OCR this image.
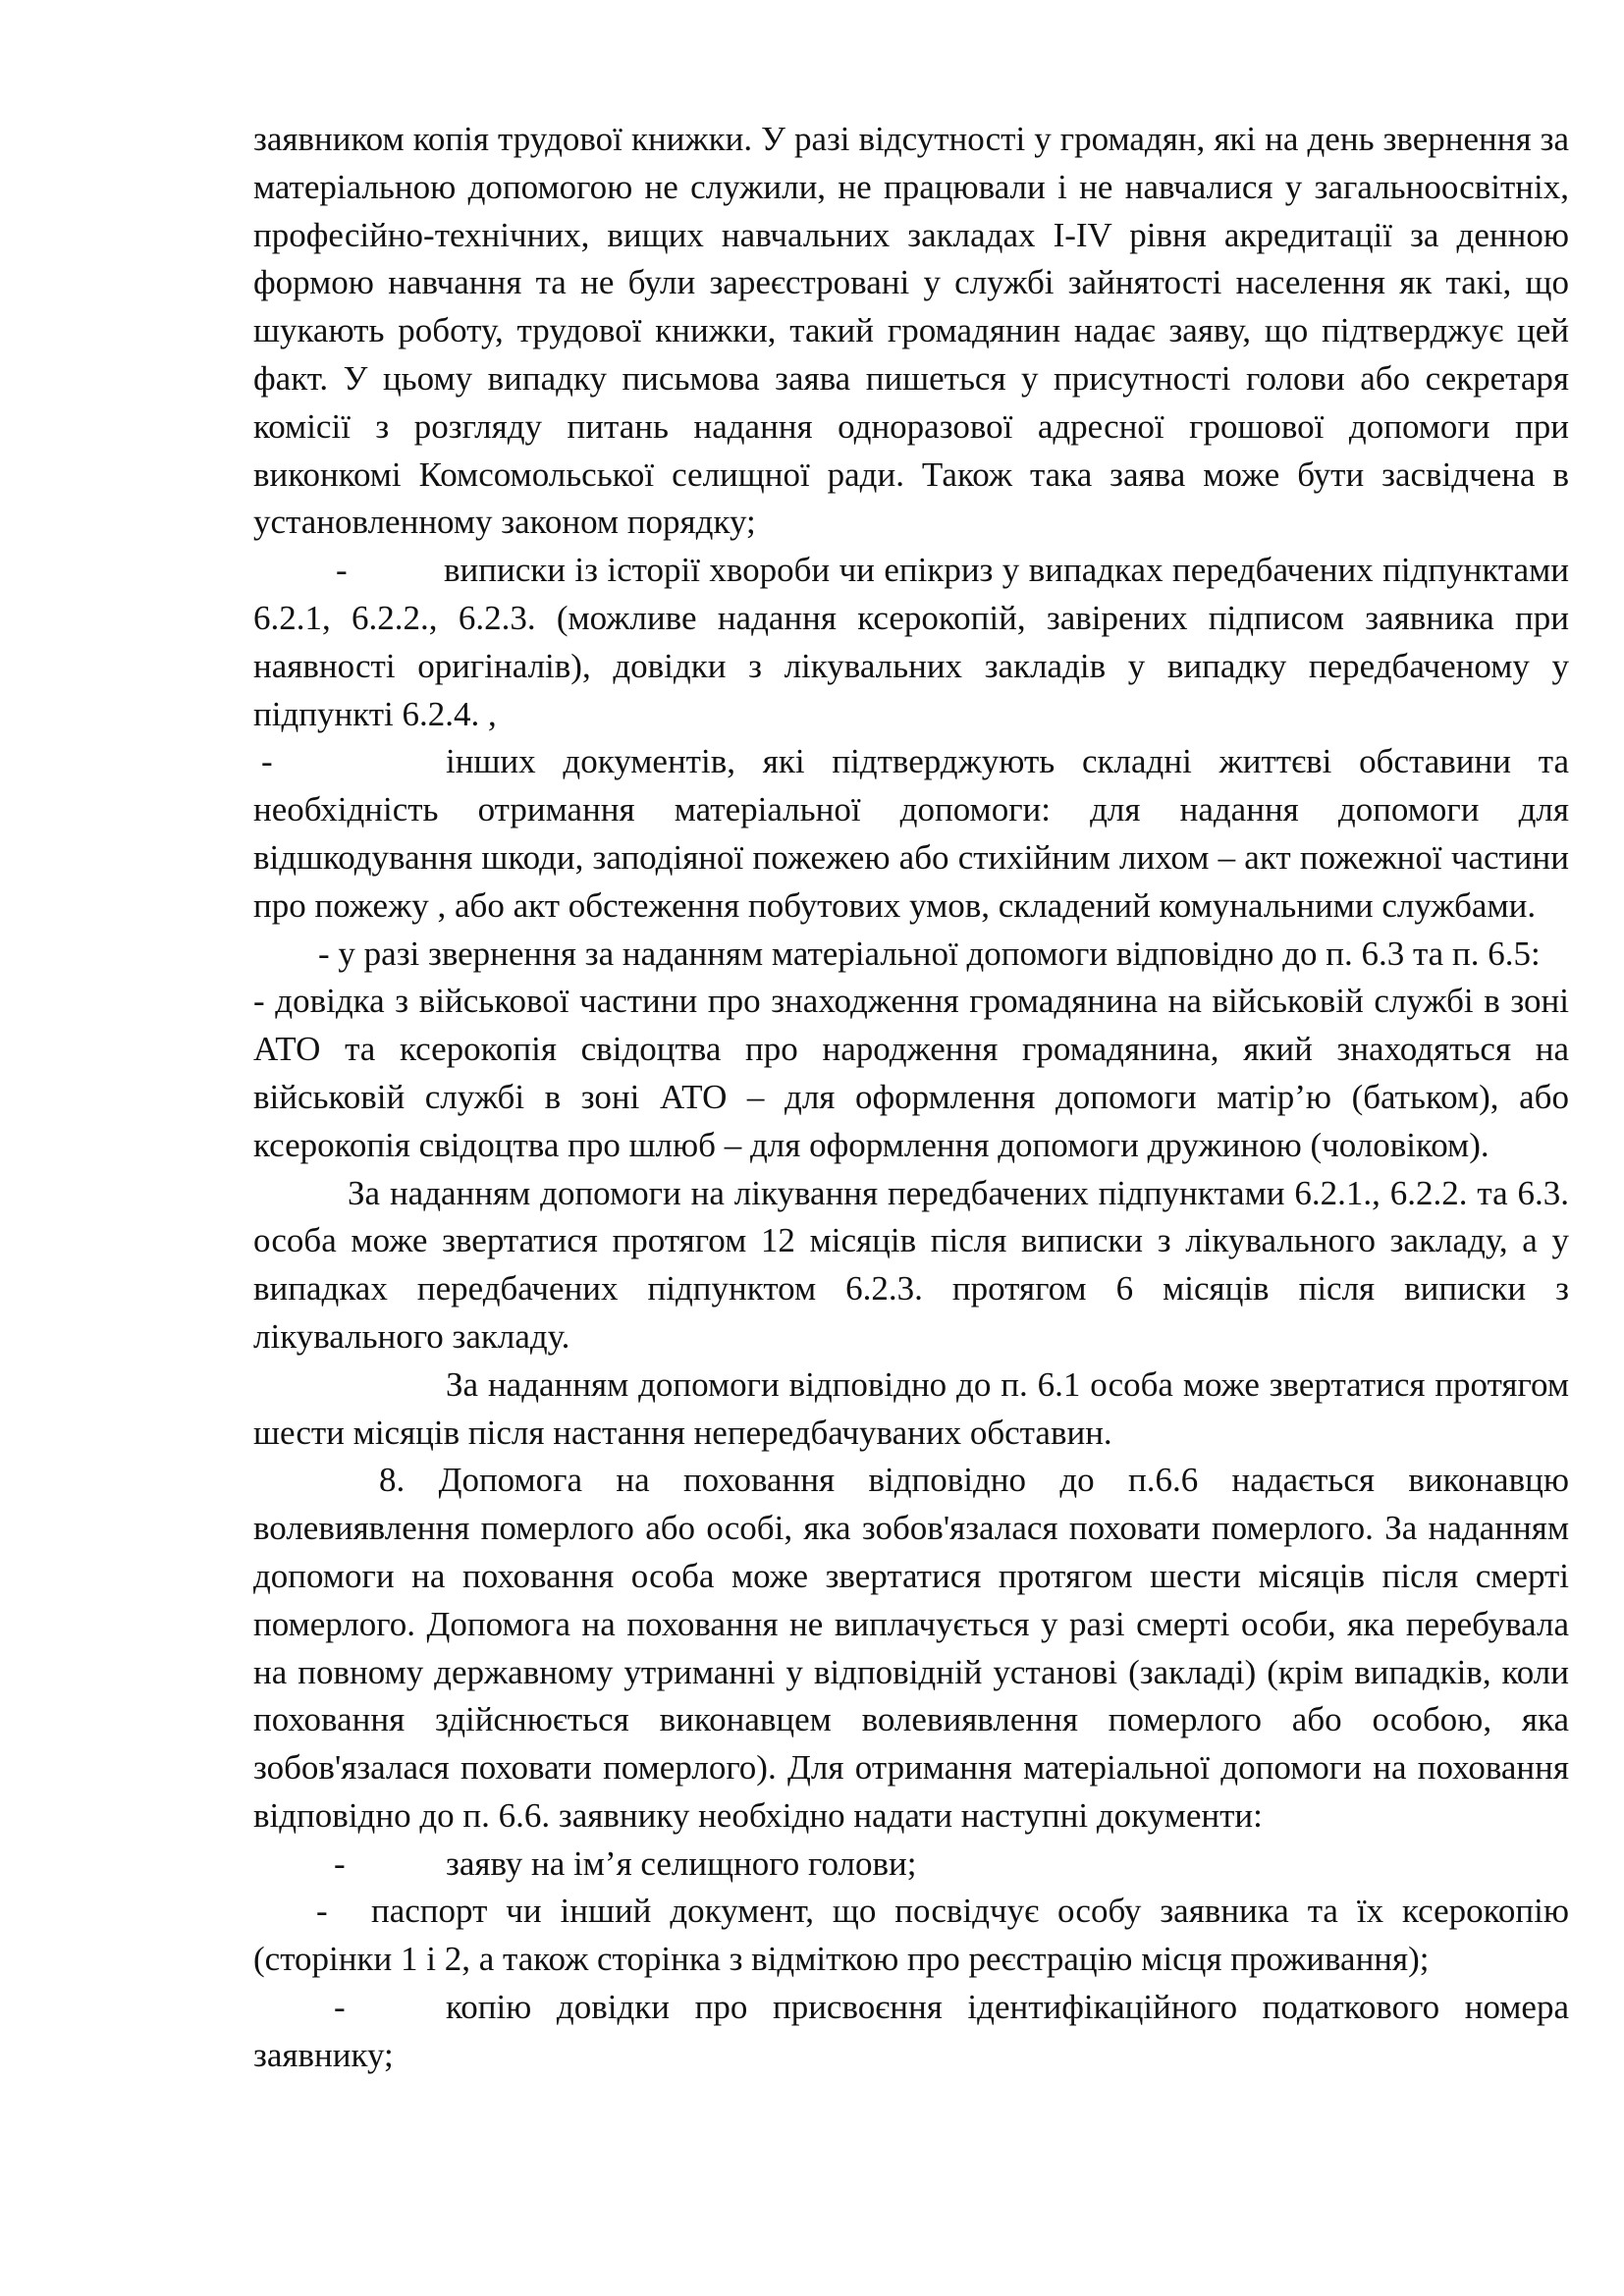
заявником копія трудової книжки. У разі відсутності у громадян, які на день звернення за матеріальною допомогою не служили, не працювали і не навчалися у загальноосвітніх, професійно-технічних, вищих навчальних закладах I-IV рівня акредитації за денною формою навчання та не були зареєстровані у службі зайнятості населення як такі, що шукають роботу, трудової книжки, такий громадянин надає заяву, що підтверджує цей факт. У цьому випадку письмова заява пишеться у присутності голови або секретаря комісії з розгляду питань надання одноразової адресної грошової допомоги при виконкомі Комсомольської селищної ради. Також така заява може бути засвідчена в установленному законом порядку;

-	виписки із історії хвороби чи епікриз у випадках передбачених підпунктами 6.2.1, 6.2.2., 6.2.3. (можливе надання ксерокопій, завірених підписом заявника при наявності оригіналів), довідки з лікувальних закладів у випадку передбаченому у підпункті 6.2.4. ,

-	інших документів, які підтверджують складні життєві обставини та необхідність отримання матеріальної допомоги: для надання допомоги для відшкодування шкоди, заподіяної пожежею або стихійним лихом – акт пожежної частини про пожежу , або акт обстеження побутових умов, складений комунальними службами.

- у разі звернення за наданням матеріальної допомоги відповідно до п. 6.3 та п. 6.5:

- довідка з військової частини про знаходження громадянина на військовій службі в зоні АТО та ксерокопія свідоцтва про народження громадянина, який знаходяться на військовій службі в зоні АТО – для оформлення допомоги матір’ю (батьком), або ксерокопія свідоцтва про шлюб – для оформлення допомоги дружиною (чоловіком).

За наданням допомоги на лікування передбачених підпунктами 6.2.1., 6.2.2. та 6.3. особа може звертатися протягом 12 місяців після виписки з лікувального закладу, а у випадках передбачених підпунктом 6.2.3. протягом 6 місяців після виписки з лікувального закладу.

За наданням допомоги відповідно до п. 6.1 особа може звертатися протягом шести місяців після настання непередбачуваних обставин.

8. Допомога на поховання відповідно до п.6.6 надається виконавцю волевиявлення померлого або особі, яка зобов'язалася поховати померлого. За наданням допомоги на поховання особа може звертатися протягом шести місяців після смерті померлого. Допомога на поховання не виплачується у разі смерті особи, яка перебувала на повному державному утриманні у відповідній установі (закладі) (крім випадків, коли поховання здійснюється виконавцем волевиявлення померлого або особою, яка зобов'язалася поховати померлого). Для отримання матеріальної допомоги на поховання відповідно до п. 6.6. заявнику необхідно надати наступні документи:

-	заяву на ім’я селищного голови;

- паспорт чи інший документ, що посвідчує особу заявника та їх ксерокопію (сторінки 1 і 2, а також сторінка з відміткою про реєстрацію місця проживання);

-	копію довідки про присвоєння ідентифікаційного податкового номера заявнику;
